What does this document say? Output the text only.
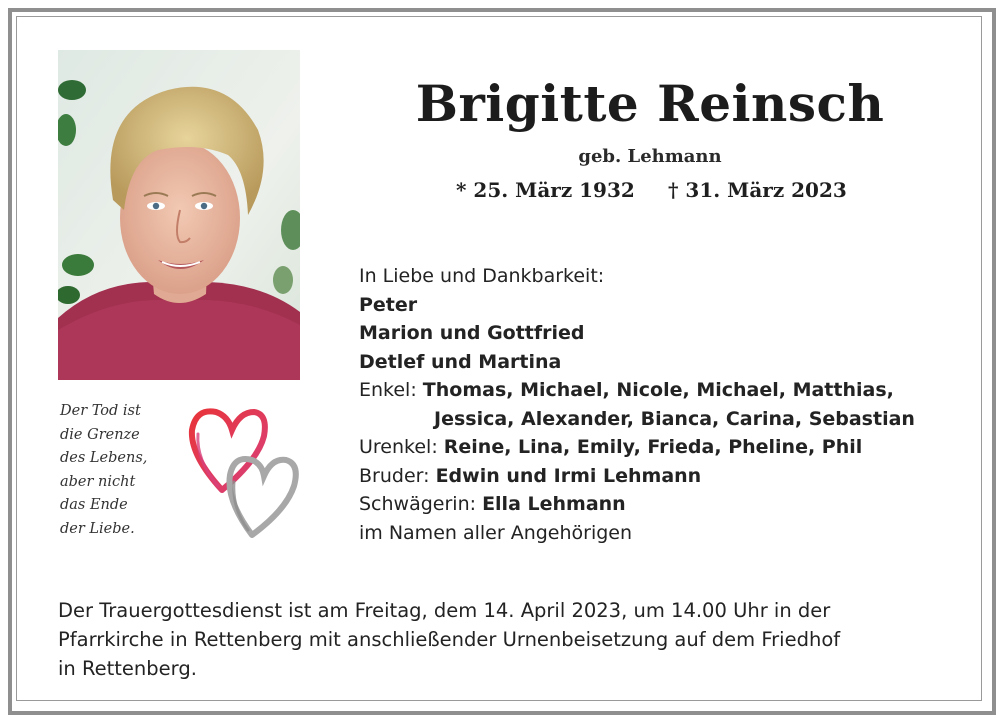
Brigitte Reinsch
geb. Lehmann
* 25. März 1932 † 31. März 2023
In Liebe und Dankbarkeit:
Peter
Marion und Gottfried
Detlef und Martina
Enkel: Thomas, Michael, Nicole, Michael, Matthias,
Jessica, Alexander, Bianca, Carina, Sebastian
Urenkel: Reine, Lina, Emily, Frieda, Pheline, Phil
Bruder: Edwin und Irmi Lehmann
Schwägerin: Ella Lehmann
im Namen aller Angehörigen
Der Tod ist
die Grenze
des Lebens,
aber nicht
das Ende
der Liebe.
Der Trauergottesdienst ist am Freitag, dem 14. April 2023, um 14.00 Uhr in der
Pfarrkirche in Rettenberg mit anschließender Urnenbeisetzung auf dem Friedhof
in Rettenberg.
